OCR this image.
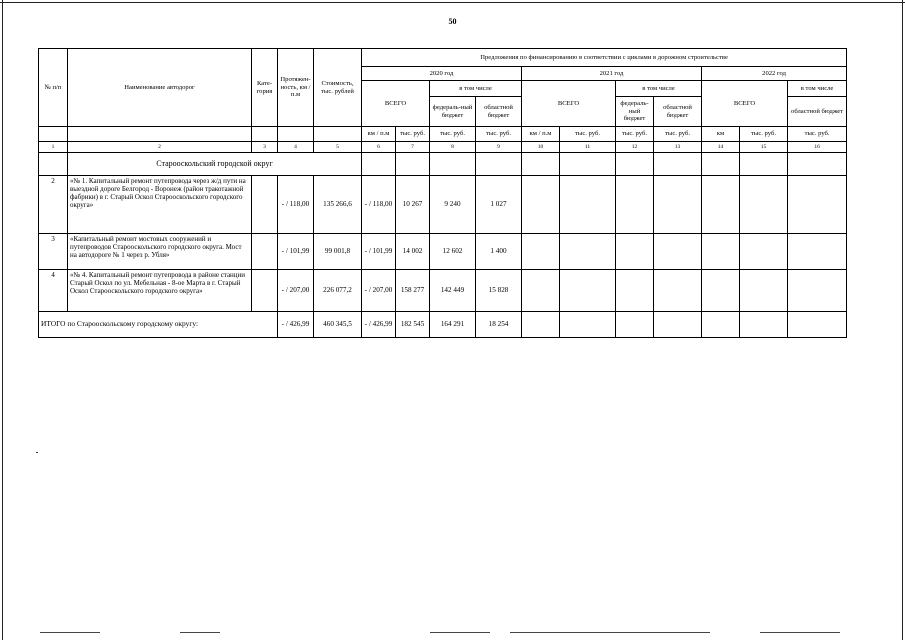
50
№ п/п	Наименование автодорог	Кате-гория	Протяжен-ность, км / п.м	Стоимость, тыс. рублей	Предложения по финансированию в соответствии с циклами в дорожном строительстве										
					2020 год				2021 год				2022 год		
					ВСЕГО		в том числе		ВСЕГО		в том числе		ВСЕГО		в том числе
							федераль-ный бюджет	областной бюджет			федераль-ный бюджет	областной бюджет			областной бюджет
					км / п.м	тыс. руб.	тыс. руб.	тыс. руб.	км / п.м	тыс. руб.	тыс. руб.	тыс. руб.	км	тыс. руб.	тыс. руб.
1	2	3	4	5	6	7	8	9	10	11	12	13	14	15	16
	Старооскольский городской округ														
2	«№ 1. Капитальный ремонт путепровода через ж/д пути на выездной дороге Белгород - Воронеж (район тракотажной фабрики) в г. Старый Оскол Старооскольского городского округа»		- / 118,00	135 266,6	- / 118,00	10 267	9 240	1 027							
3	«Капитальный ремонт мостовых сооружений и путепроводов Старооскольского городского округа. Мост на автодороге № 1 через р. Убля»		- / 101,99	99 001,8	- / 101,99	14 002	12 602	1 400							
4	«№ 4. Капитальный ремонт путепровода в районе станции Старый Оскол по ул. Мебельная - 8-ое Марта в г. Старый Оскол Старооскольского городского округа»		- / 207,00	226 077,2	- / 207,00	158 277	142 449	15 828							
ИТОГО по Старооскольскому городскому округу:			- / 426,99	460 345,5	- / 426,99	182 545	164 291	18 254							
